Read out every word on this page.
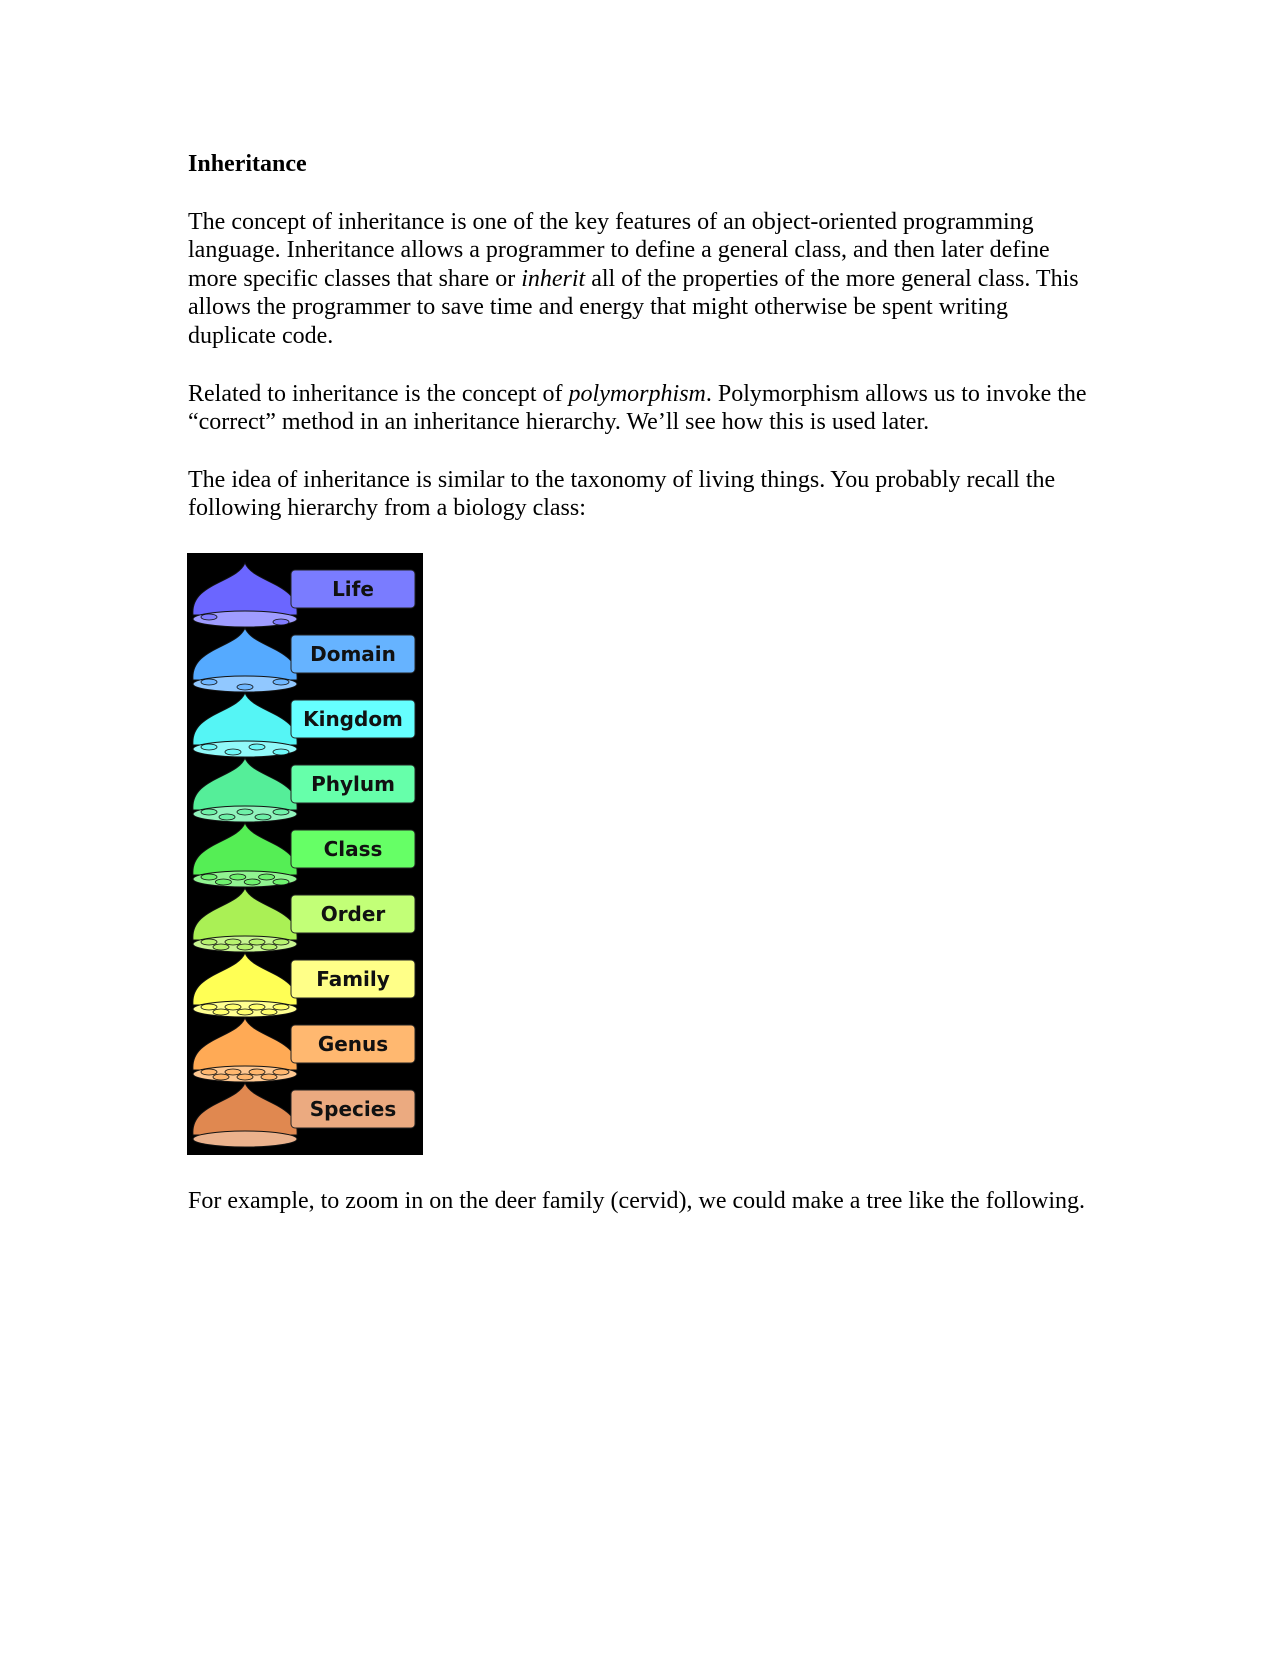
Inheritance

The concept of inheritance is one of the key features of an object-oriented programming language. Inheritance allows a programmer to define a general class, and then later define more specific classes that share or inherit all of the properties of the more general class. This allows the programmer to save time and energy that might otherwise be spent writing duplicate code.

Related to inheritance is the concept of polymorphism. Polymorphism allows us to invoke the “correct” method in an inheritance hierarchy. We’ll see how this is used later.

The idea of inheritance is similar to the taxonomy of living things. You probably recall the following hierarchy from a biology class:

Life
Domain
Kingdom
Phylum
Class
Order
Family
Genus
Species

For example, to zoom in on the deer family (cervid), we could make a tree like the following.
